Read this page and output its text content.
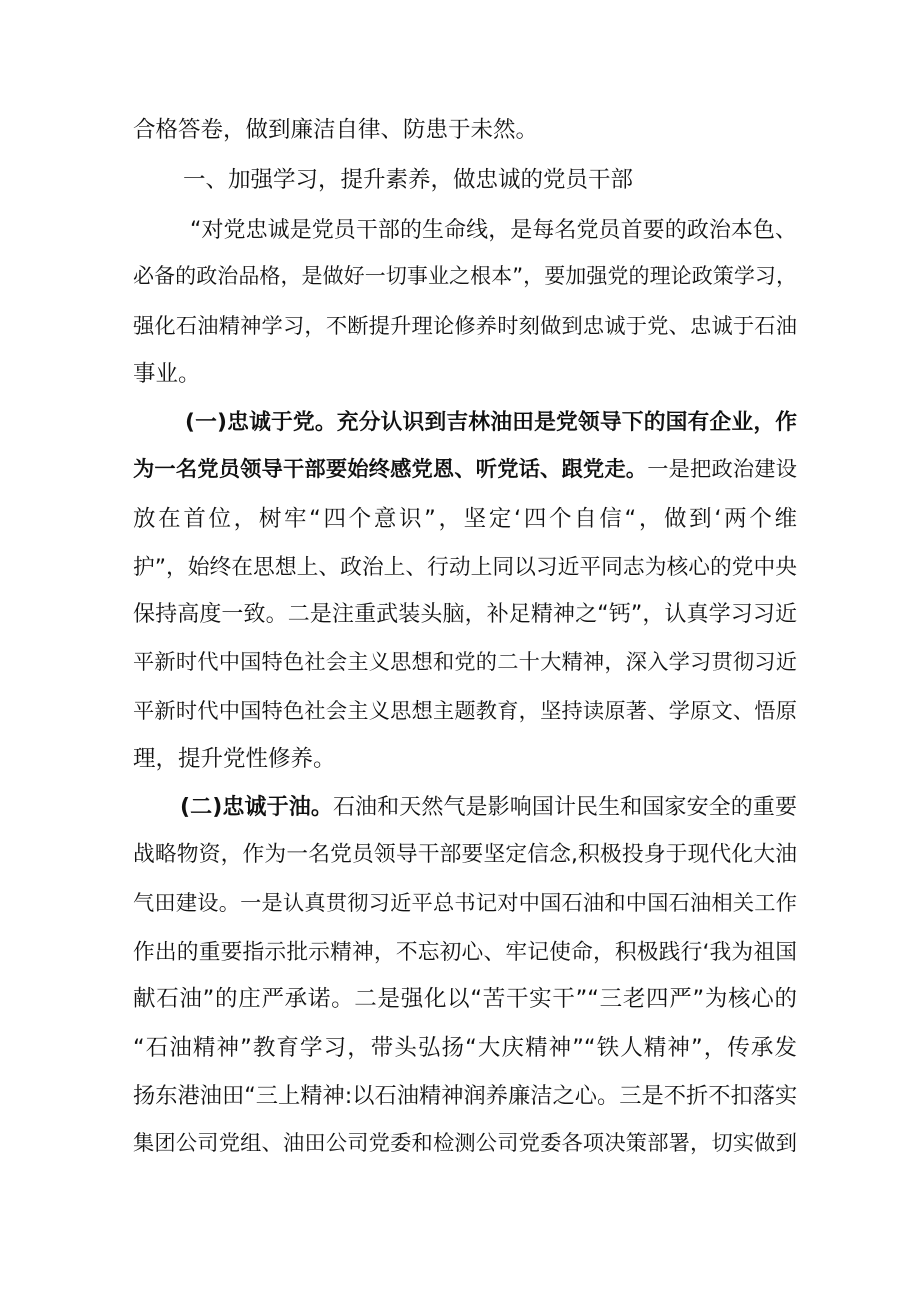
合格答卷，做到廉洁自律、防患于未然。
一、加强学习，提升素养，做忠诚的党员干部
“对党忠诚是党员干部的生命线，是每名党员首要的政治本色、
必备的政治品格，是做好一切事业之根本”，要加强党的理论政策学习，
强化石油精神学习，不断提升理论修养时刻做到忠诚于党、忠诚于石油
事业。
(一)忠诚于党。充分认识到吉林油田是党领导下的国有企业，作
为一名党员领导干部要始终感党恩、听党话、跟党走。一是把政治建设
放在首位，树牢“四个意识”，坚定‘四个自信“，做到‘两个维
护”，始终在思想上、政治上、行动上同以习近平同志为核心的党中央
保持高度一致。二是注重武装头脑，补足精神之“钙”，认真学习习近
平新时代中国特色社会主义思想和党的二十大精神，深入学习贯彻习近
平新时代中国特色社会主义思想主题教育，坚持读原著、学原文、悟原
理，提升党性修养。
(二)忠诚于油。石油和天然气是影响国计民生和国家安全的重要
战略物资，作为一名党员领导干部要坚定信念,积极投身于现代化大油
气田建设。一是认真贯彻习近平总书记对中国石油和中国石油相关工作
作出的重要指示批示精神，不忘初心、牢记使命，积极践行‘我为祖国
献石油”的庄严承诺。二是强化以“苦干实干”“三老四严”为核心的
“石油精神”教育学习，带头弘扬“大庆精神”“铁人精神”，传承发
扬东港油田“三上精神:以石油精神润养廉洁之心。三是不折不扣落实
集团公司党组、油田公司党委和检测公司党委各项决策部署，切实做到
